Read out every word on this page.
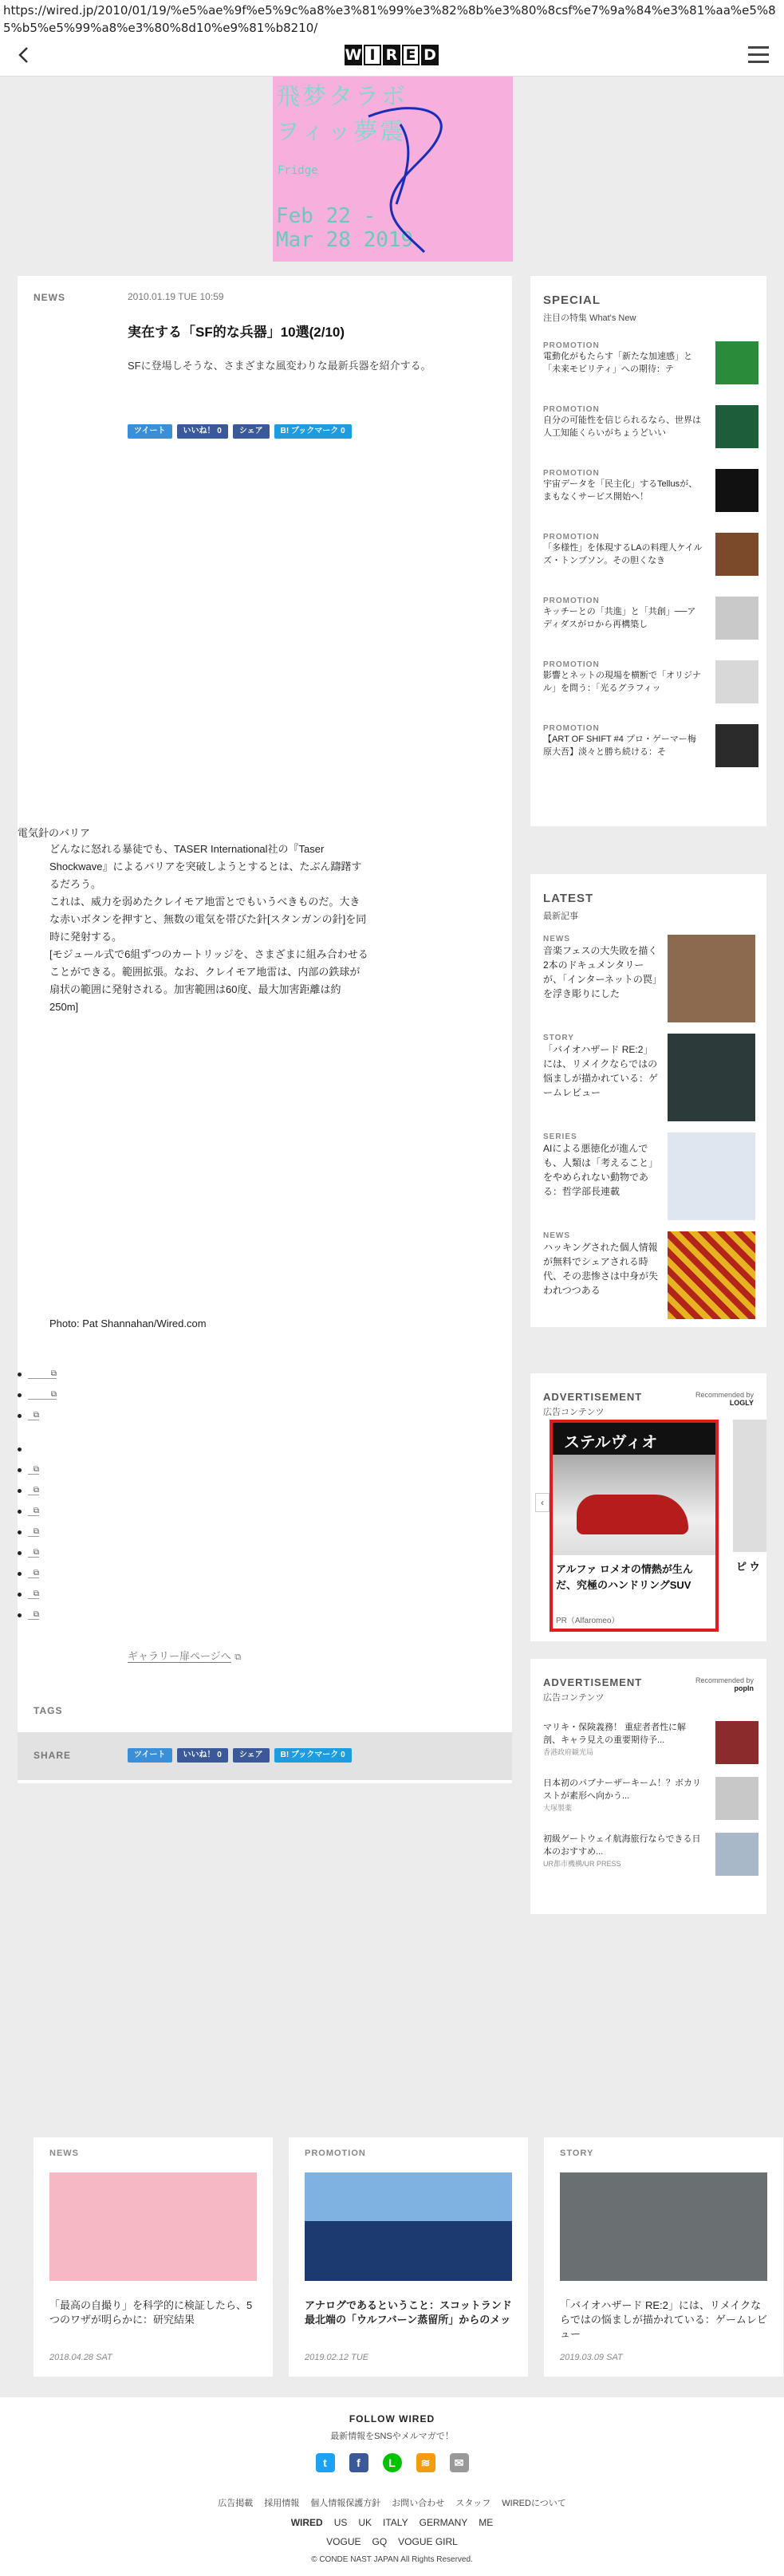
https://wired.jp/2010/01/19/%e5%ae%9f%e5%9c%a8%e3%81%99%e3%82%8b%e3%80%8csf%e7%9a%84%e3%81%aa%e5%85%b5%e5%99%a8%e3%80%8d10%e9%81%b8210/
W I R E D
飛梦タラボ
ヲィッ夢震
Fridge
Feb 22 -
Mar 28 2019
NEWS	2010.01.19 TUE 10:59
実在する「SF的な兵器」10選(2/10)

SFに登場しそうな、さまざまな風変わりな最新兵器を紹介する。

ツイート	いいね！ 0	シェア	B! ブックマーク 0
電気針のバリア

どんなに怒れる暴徒でも、TASER International社の『Taser Shockwave』によるバリアを突破しようとするとは、たぶん躊躇するだろう。

これは、威力を弱めたクレイモア地雷とでもいうべきものだ。大きな赤いボタンを押すと、無数の電気を帯びた針[スタンガンの針]を同時に発射する。

[モジュール式で6組ずつのカートリッジを、さまざまに組み合わせることができる。範囲拡張。なお、クレイモア地雷は、内部の鉄球が扇状の範囲に発射される。加害範囲は60度、最大加害距離は約250m]

Photo: Pat Shannahan/Wired.com
⧉
⧉
⧉
⧉
⧉
⧉
⧉
⧉
⧉
⧉
⧉
ギャラリー扉ページへ ⧉
TAGS
SHARE	ツイート	いいね！ 0	シェア	B! ブックマーク 0
SPECIAL
注目の特集 What's New
PROMOTION
電動化がもたらす「新たな加速感」と「未来モビリティ」への期待：テ
PROMOTION
自分の可能性を信じられるなら、世界は人工知能くらいがちょうどいい
PROMOTION
宇宙データを「民主化」するTellusが、まもなくサービス開始へ！
PROMOTION
「多様性」を体現するLAの料理人ケイルズ・トンプソン。その胆くなき
PROMOTION
キッチーとの「共進」と「共創」──アディダスがロから再構築し
PROMOTION
影響とネットの現場を横断で「オリジナル」を問う：「光るグラフィッ
PROMOTION
【ART OF SHIFT #4 プロ・ゲーマー梅原大吾】淡々と勝ち続ける：そ
LATEST
最新記事
NEWS
音楽フェスの大失敗を描く2本のドキュメンタリーが、「インターネットの罠」を浮き彫りにした
STORY
「バイオハザード RE:2」には、リメイクならではの悩ましが描かれている：ゲームレビュー
SERIES
AIによる悪徳化が進んでも、人類は「考えること」をやめられない動物である：哲学部長連載
NEWS
ハッキングされた個人情報が無料でシェアされる時代、その悲惨さは中身が失われつつある
ADVERTISEMENT
広告コンテンツ
Recommended by
LOGLY
‹
ステルヴィオ
アルファ ロメオの情熱が生んだ、究極のハンドリングSUV
PR（Alfaromeo）
ピ ウ
ADVERTISEMENT
広告コンテンツ
Recommended by
popIn
マリキ・保険義務！ 重症者者性に解剖、キャラ見えの重要期待予...
香港政府観光局
日本初のパブナーザーキーム！？ボカリストが素形へ向かう...
大塚製薬
初級ゲートウェイ航海旅行ならできる日本のおすすめ...
UR都市機構/UR PRESS
NEWS
「最高の自撮り」を科学的に検証したら、5つのワザが明らかに：研究結果
2018.04.28 SAT
PROMOTION
アナログであるということ：スコットランド最北端の「ウルフバーン蒸留所」からのメッ
2019.02.12 TUE
STORY
「バイオハザード RE:2」には、リメイクならではの悩ましが描かれている：ゲームレビュー
2019.03.09 SAT
FOLLOW WIRED
最新情報をSNSやメルマガで！
t	f	L	≋	✉
広告掲載 採用情報 個人情報保護方針 お問い合わせ スタッフ WIREDについて
WIRED US UK ITALY GERMANY ME
VOGUE GQ VOGUE GIRL
© CONDE NAST JAPAN All Rights Reserved.
